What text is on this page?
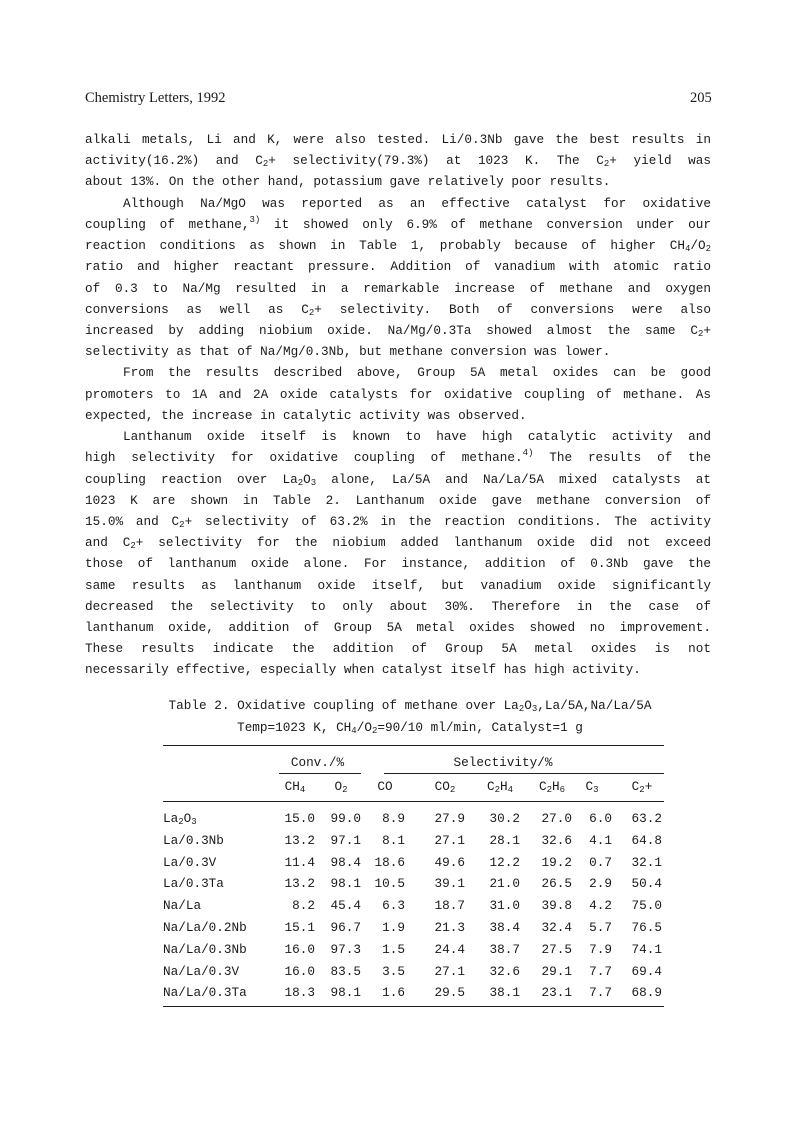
Chemistry Letters, 1992	205
alkali metals, Li and K, were also tested. Li/0.3Nb gave the best results in
activity(16.2%) and $C_2+$ selectivity(79.3%) at 1023 K. The $C_2+$ yield was
about 13%. On the other hand, potassium gave relatively poor results.
Although Na/MgO was reported as an effective catalyst for oxidative
coupling of methane,$^{3)}$ it showed only 6.9% of methane conversion under our
reaction conditions as shown in Table 1, probably because of higher $CH_4/O_2$
ratio and higher reactant pressure. Addition of vanadium with atomic ratio
of 0.3 to Na/Mg resulted in a remarkable increase of methane and oxygen
conversions as well as $C_2+$ selectivity. Both of conversions were also
increased by adding niobium oxide. Na/Mg/0.3Ta showed almost the same $C_2+$
selectivity as that of Na/Mg/0.3Nb, but methane conversion was lower.
From the results described above, Group 5A metal oxides can be good
promoters to 1A and 2A oxide catalysts for oxidative coupling of methane. As
expected, the increase in catalytic activity was observed.
Lanthanum oxide itself is known to have high catalytic activity and
high selectivity for oxidative coupling of methane.$^{4)}$ The results of the
coupling reaction over $La_2O_3$ alone, La/5A and Na/La/5A mixed catalysts at
1023 K are shown in Table 2. Lanthanum oxide gave methane conversion of
15.0% and $C_2+$ selectivity of 63.2% in the reaction conditions. The activity
and $C_2+$ selectivity for the niobium added lanthanum oxide did not exceed
those of lanthanum oxide alone. For instance, addition of 0.3Nb gave the
same results as lanthanum oxide itself, but vanadium oxide significantly
decreased the selectivity to only about 30%. Therefore in the case of
lanthanum oxide, addition of Group 5A metal oxides showed no improvement.
These results indicate the addition of Group 5A metal oxides is not
necessarily effective, especially when catalyst itself has high activity.
Table 2. Oxidative coupling of methane over $La_2O_3,La/5A,Na/La/5A$
Temp=1023 K, $CH_4/O_2=90/10$ ml/min, Catalyst=1 g
Conv./%	Selectivity/%
$CH_4$	$O_2$	CO	$CO_2$	$C_2H_4$	$C_2H_6$	$C_3$	$C_2+$
$La_2O_3$	15.0	99.0	8.9	27.9	30.2	27.0	6.0	63.2
La/0.3Nb	13.2	97.1	8.1	27.1	28.1	32.6	4.1	64.8
La/0.3V	11.4	98.4	18.6	49.6	12.2	19.2	0.7	32.1
La/0.3Ta	13.2	98.1	10.5	39.1	21.0	26.5	2.9	50.4
Na/La	8.2	45.4	6.3	18.7	31.0	39.8	4.2	75.0
Na/La/0.2Nb	15.1	96.7	1.9	21.3	38.4	32.4	5.7	76.5
Na/La/0.3Nb	16.0	97.3	1.5	24.4	38.7	27.5	7.9	74.1
Na/La/0.3V	16.0	83.5	3.5	27.1	32.6	29.1	7.7	69.4
Na/La/0.3Ta	18.3	98.1	1.6	29.5	38.1	23.1	7.7	68.9
